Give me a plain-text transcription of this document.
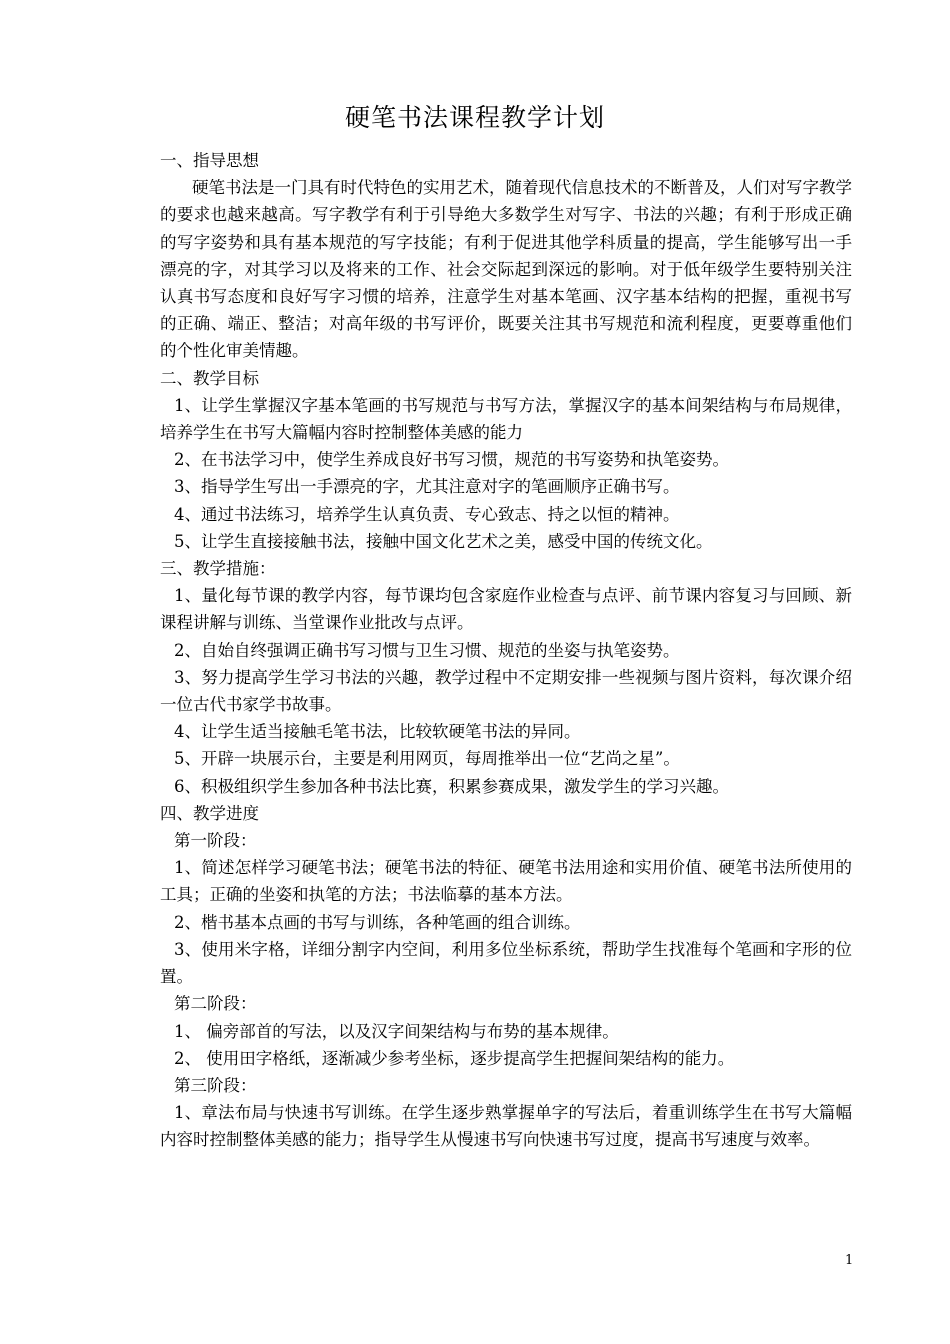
硬笔书法课程教学计划

一、指导思想

硬笔书法是一门具有时代特色的实用艺术，随着现代信息技术的不断普及，人们对写字教学的要求也越来越高。写字教学有利于引导绝大多数学生对写字、书法的兴趣；有利于形成正确的写字姿势和具有基本规范的写字技能；有利于促进其他学科质量的提高，学生能够写出一手漂亮的字，对其学习以及将来的工作、社会交际起到深远的影响。对于低年级学生要特别关注认真书写态度和良好写字习惯的培养，注意学生对基本笔画、汉字基本结构的把握，重视书写的正确、端正、整洁；对高年级的书写评价，既要关注其书写规范和流利程度，更要尊重他们的个性化审美情趣。

二、教学目标

1、让学生掌握汉字基本笔画的书写规范与书写方法，掌握汉字的基本间架结构与布局规律，培养学生在书写大篇幅内容时控制整体美感的能力

2、在书法学习中，使学生养成良好书写习惯，规范的书写姿势和执笔姿势。

3、指导学生写出一手漂亮的字，尤其注意对字的笔画顺序正确书写。

4、通过书法练习，培养学生认真负责、专心致志、持之以恒的精神。

5、让学生直接接触书法，接触中国文化艺术之美，感受中国的传统文化。

三、教学措施：

1、量化每节课的教学内容，每节课均包含家庭作业检查与点评、前节课内容复习与回顾、新课程讲解与训练、当堂课作业批改与点评。

2、自始自终强调正确书写习惯与卫生习惯、规范的坐姿与执笔姿势。

3、努力提高学生学习书法的兴趣，教学过程中不定期安排一些视频与图片资料，每次课介绍一位古代书家学书故事。

4、让学生适当接触毛笔书法，比较软硬笔书法的异同。

5、开辟一块展示台，主要是利用网页，每周推举出一位“艺尚之星”。

6、积极组织学生参加各种书法比赛，积累参赛成果，激发学生的学习兴趣。

四、教学进度

第一阶段：

1、简述怎样学习硬笔书法；硬笔书法的特征、硬笔书法用途和实用价值、硬笔书法所使用的工具；正确的坐姿和执笔的方法；书法临摹的基本方法。

2、楷书基本点画的书写与训练，各种笔画的组合训练。

3、使用米字格，详细分割字内空间，利用多位坐标系统，帮助学生找准每个笔画和字形的位置。

第二阶段：

1、 偏旁部首的写法，以及汉字间架结构与布势的基本规律。

2、 使用田字格纸，逐渐减少参考坐标，逐步提高学生把握间架结构的能力。

第三阶段：

1、章法布局与快速书写训练。在学生逐步熟掌握单字的写法后，着重训练学生在书写大篇幅内容时控制整体美感的能力；指导学生从慢速书写向快速书写过度，提高书写速度与效率。

1
